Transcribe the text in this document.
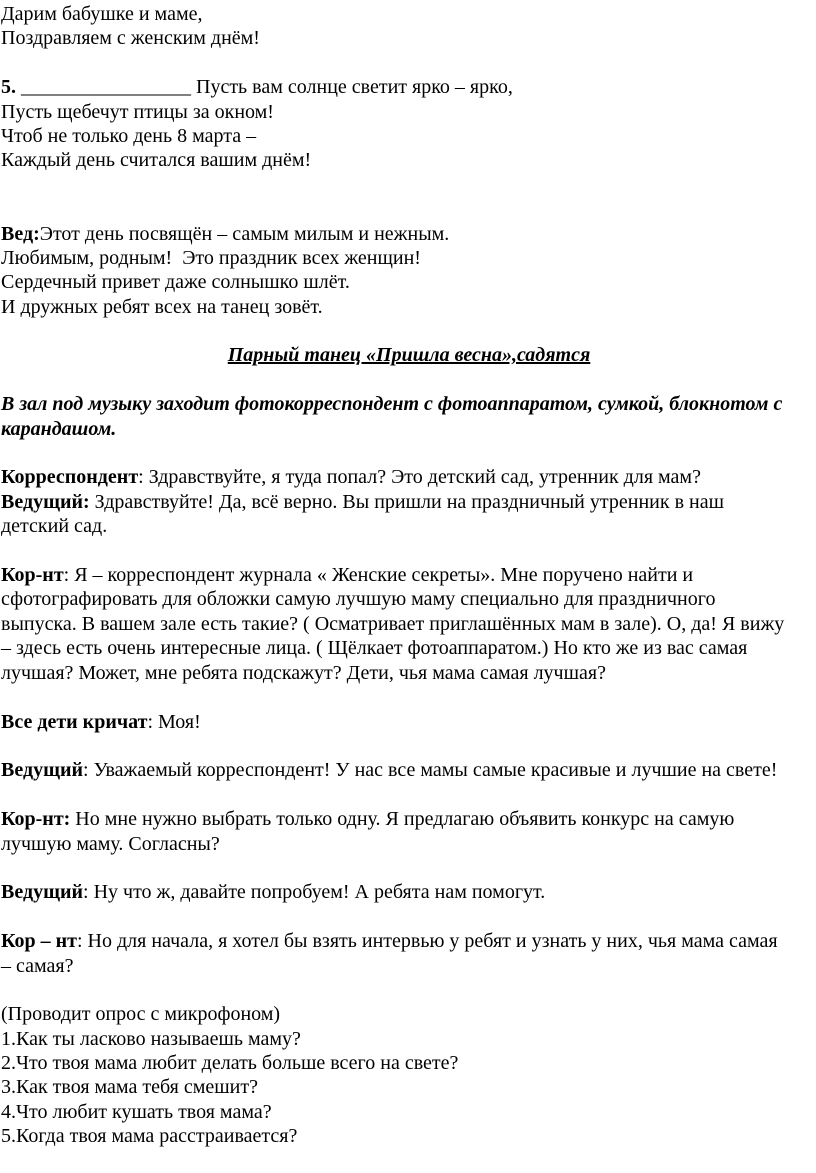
Дарим бабушке и маме,
Поздравляем с женским днём!
5. _________________ Пусть вам солнце светит ярко – ярко,
Пусть щебечут птицы за окном!
Чтоб не только день 8 марта –
Каждый день считался вашим днём!
Вед:Этот день посвящён – самым милым и нежным.
Любимым, родным!  Это праздник всех женщин!
Сердечный привет даже солнышко шлёт.
И дружных ребят всех на танец зовёт.
Парный танец «Пришла весна»,садятся
В зал под музыку заходит фотокорреспондент с фотоаппаратом, сумкой, блокнотом с карандашом.
Корреспондент: Здравствуйте, я туда попал? Это детский сад, утренник для мам?
Ведущий: Здравствуйте! Да, всё верно. Вы пришли на праздничный утренник в наш детский сад.
Кор-нт: Я – корреспондент журнала « Женские секреты». Мне поручено найти и сфотографировать для обложки самую лучшую маму специально для праздничного выпуска. В вашем зале есть такие? ( Осматривает приглашённых мам в зале). О, да! Я вижу – здесь есть очень интересные лица. ( Щёлкает фотоаппаратом.) Но кто же из вас самая лучшая? Может, мне ребята подскажут? Дети, чья мама самая лучшая?
Все дети кричат: Моя!
Ведущий: Уважаемый корреспондент! У нас все мамы самые красивые и лучшие на свете!
Кор-нт: Но мне нужно выбрать только одну. Я предлагаю объявить конкурс на самую лучшую маму. Согласны?
Ведущий: Ну что ж, давайте попробуем! А ребята нам помогут.
Кор – нт: Но для начала, я хотел бы взять интервью у ребят и узнать у них, чья мама самая – самая?
(Проводит опрос с микрофоном)
1.Как ты ласково называешь маму?
2.Что твоя мама любит делать больше всего на свете?
3.Как твоя мама тебя смешит?
4.Что любит кушать твоя мама?
5.Когда твоя мама расстраивается?
